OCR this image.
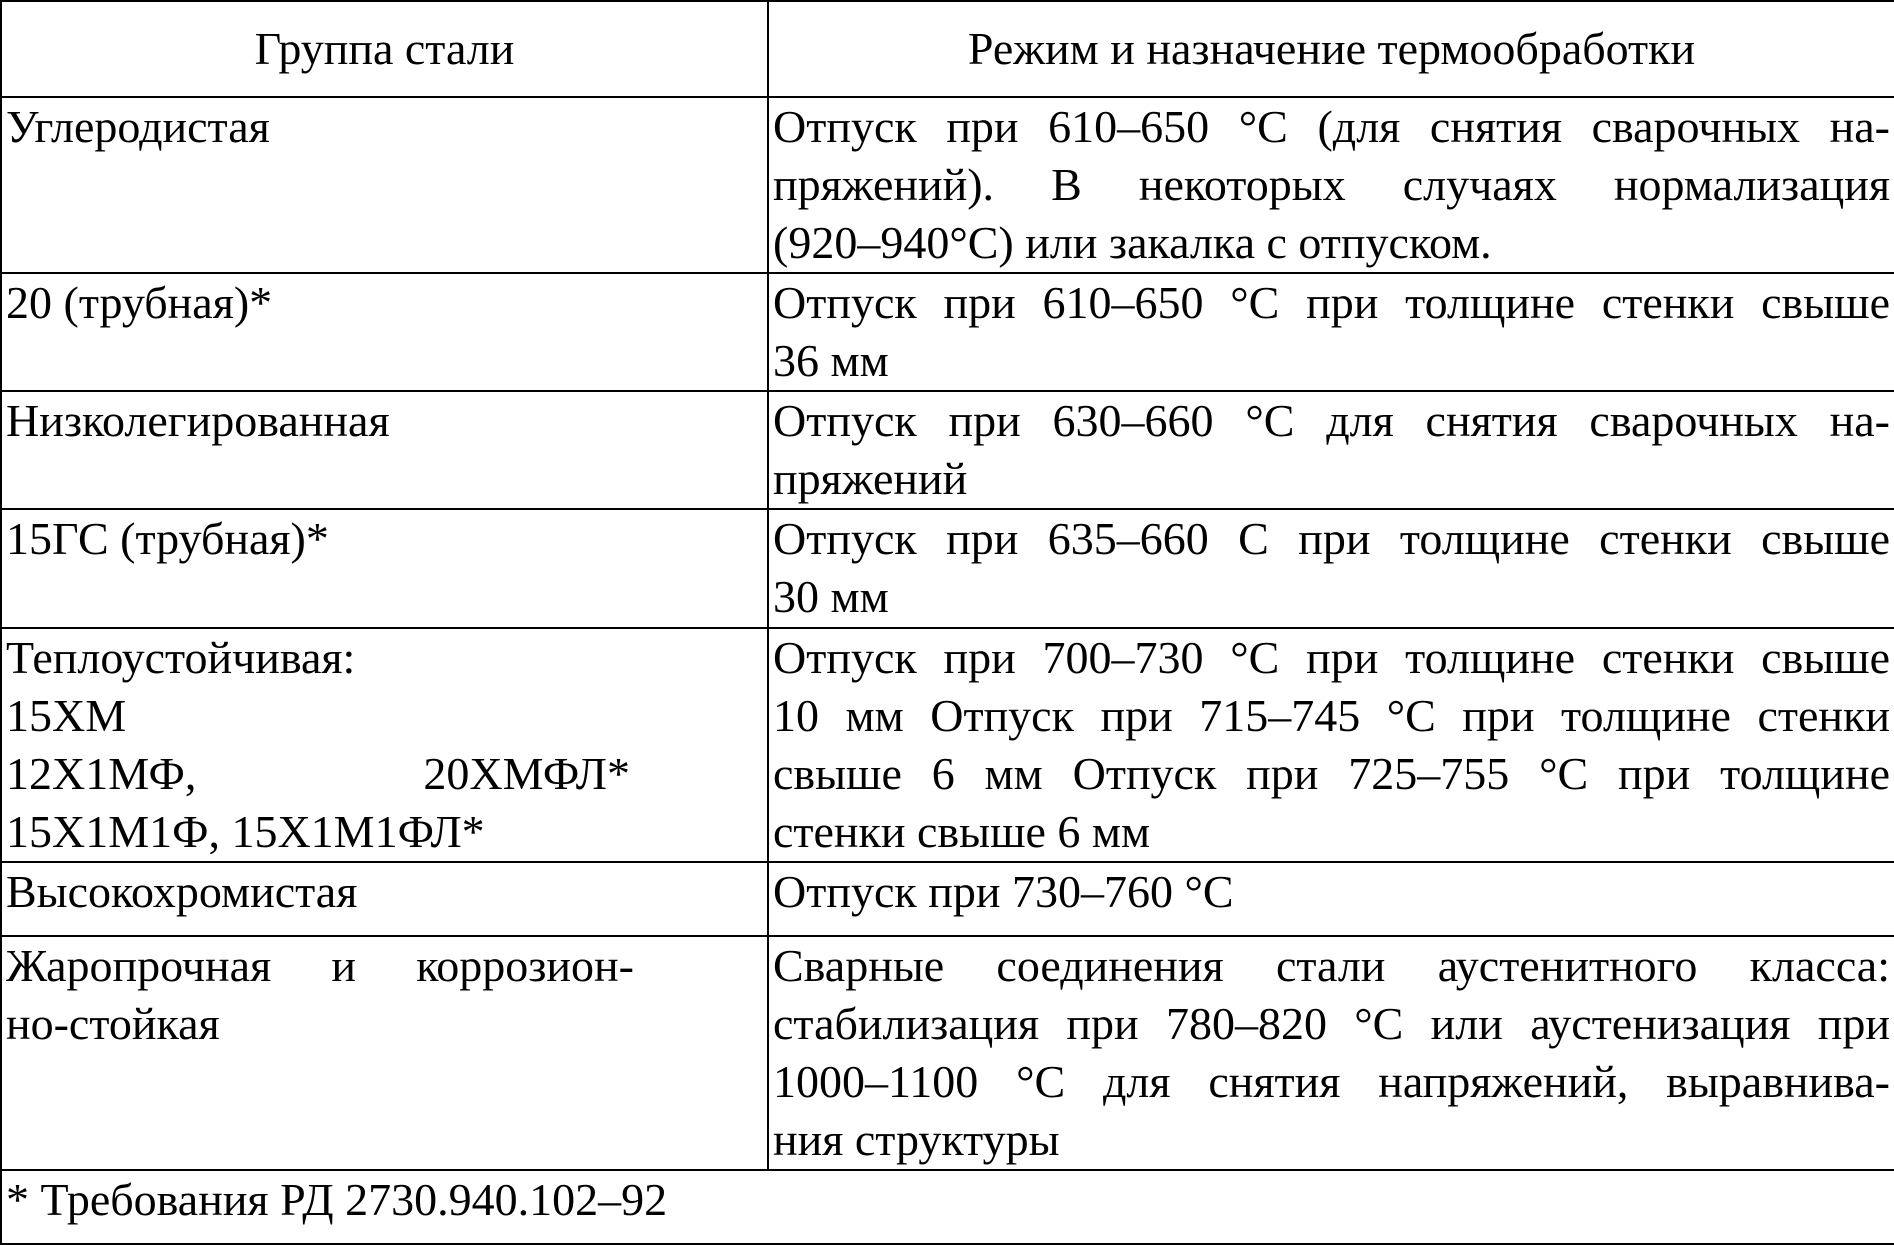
Группа стали	Режим и назначение термообработки

Углеродистая	Отпуск при 610–650 °С (для снятия сварочных на-
пряжений). В некоторых случаях нормализация
(920–940°С) или закалка с отпуском.

20 (трубная)*	Отпуск при 610–650 °С при толщине стенки свыше
36 мм

Низколегированная	Отпуск при 630–660 °С для снятия сварочных на-
пряжений

15ГС (трубная)*	Отпуск при 635–660 С при толщине стенки свыше
30 мм

Теплоустойчивая:
15ХМ
12Х1МФ, 20ХМФЛ*
15Х1М1Ф, 15Х1М1ФЛ*	Отпуск при 700–730 °С при толщине стенки свыше
10 мм Отпуск при 715–745 °С при толщине стенки
свыше 6 мм Отпуск при 725–755 °С при толщине
стенки свыше 6 мм

Высокохромистая	Отпуск при 730–760 °С

Жаропрочная и коррозион-
но-стойкая	Сварные соединения стали аустенитного класса:
стабилизация при 780–820 °С или аустенизация при
1000–1100 °С для снятия напряжений, выравнива-
ния структуры

* Требования РД 2730.940.102–92	
